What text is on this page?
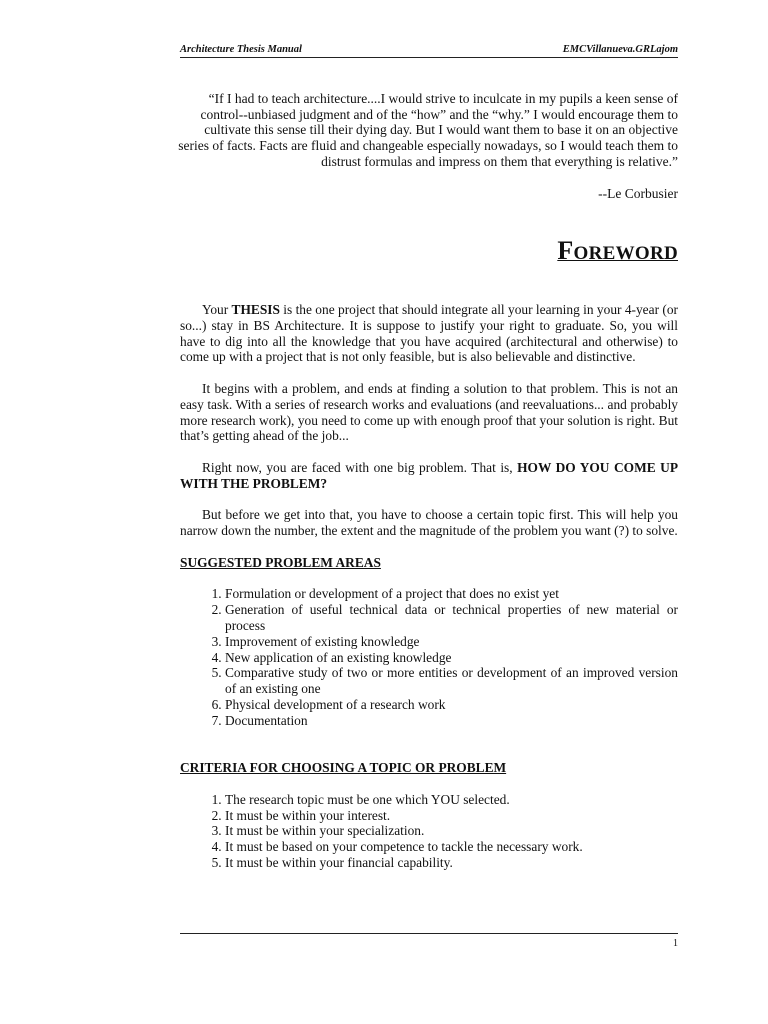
Architecture Thesis Manual	EMCVillanueva.GRLajom

“If I had to teach architecture....I would strive to inculcate in my pupils a keen sense of control--unbiased judgment and of the “how” and the “why.” I would encourage them to cultivate this sense till their dying day. But I would want them to base it on an objective series of facts. Facts are fluid and changeable especially nowadays, so I would teach them to distrust formulas and impress on them that everything is relative.”

--Le Corbusier
FOREWORD

Your THESIS is the one project that should integrate all your learning in your 4-year (or so...) stay in BS Architecture. It is suppose to justify your right to graduate. So, you will have to dig into all the knowledge that you have acquired (architectural and otherwise) to come up with a project that is not only feasible, but is also believable and distinctive.

It begins with a problem, and ends at finding a solution to that problem. This is not an easy task. With a series of research works and evaluations (and reevaluations... and probably more research work), you need to come up with enough proof that your solution is right. But that’s getting ahead of the job...

Right now, you are faced with one big problem. That is, HOW DO YOU COME UP WITH THE PROBLEM?

But before we get into that, you have to choose a certain topic first. This will help you narrow down the number, the extent and the magnitude of the problem you want (?) to solve.

SUGGESTED PROBLEM AREAS
1. Formulation or development of a project that does no exist yet
2. Generation of useful technical data or technical properties of new material or process
3. Improvement of existing knowledge
4. New application of an existing knowledge
5. Comparative study of two or more entities or development of an improved version of an existing one
6. Physical development of a research work
7. Documentation
CRITERIA FOR CHOOSING A TOPIC OR PROBLEM
1. The research topic must be one which YOU selected.
2. It must be within your interest.
3. It must be within your specialization.
4. It must be based on your competence to tackle the necessary work.
5. It must be within your financial capability.
1
